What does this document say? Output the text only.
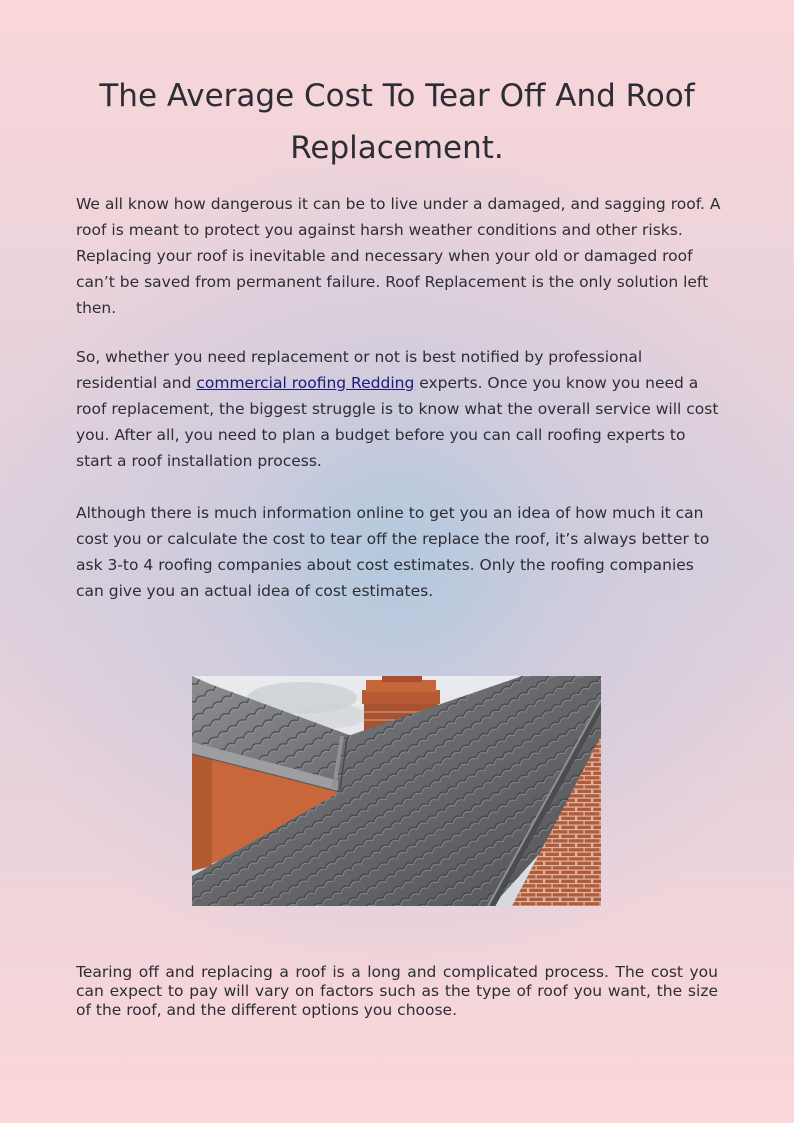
The Average Cost To Tear Off And Roof Replacement.

We all know how dangerous it can be to live under a damaged, and sagging roof. A roof is meant to protect you against harsh weather conditions and other risks. Replacing your roof is inevitable and necessary when your old or damaged roof can’t be saved from permanent failure. Roof Replacement is the only solution left then.

So, whether you need replacement or not is best notified by professional residential and commercial roofing Redding experts. Once you know you need a roof replacement, the biggest struggle is to know what the overall service will cost you. After all, you need to plan a budget before you can call roofing experts to start a roof installation process.

Although there is much information online to get you an idea of how much it can cost you or calculate the cost to tear off the replace the roof, it’s always better to ask 3-to 4 roofing companies about cost estimates. Only the roofing companies can give you an actual idea of cost estimates.

Tearing off and replacing a roof is a long and complicated process. The cost you can expect to pay will vary on factors such as the type of roof you want, the size of the roof, and the different options you choose.
